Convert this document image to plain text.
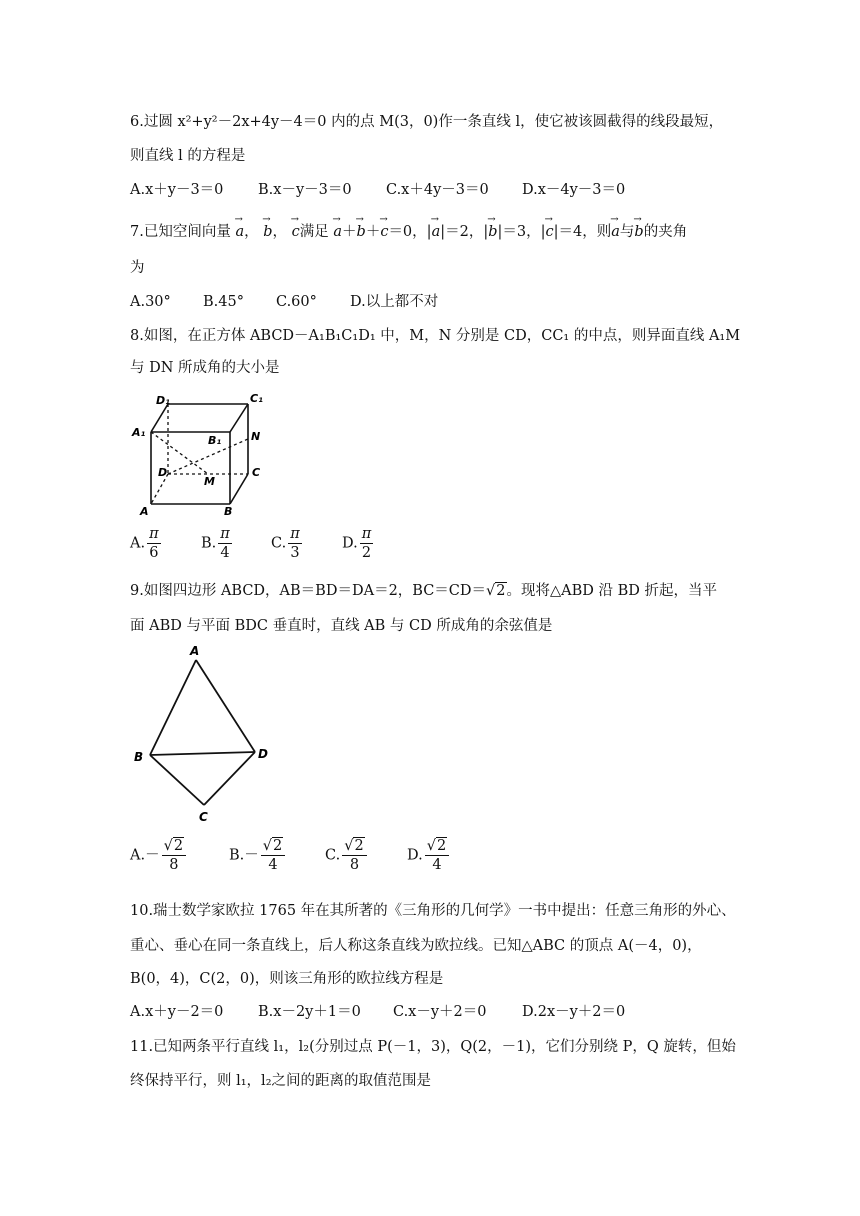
6.过圆 x²+y²－2x+4y－4＝0 内的点 M(3，0)作一条直线 l，使它被该圆截得的线段最短，
则直线 l 的方程是
A.x＋y－3＝0 B.x－y－3＝0 C.x＋4y－3＝0 D.x－4y－3＝0
7.已知空间向量 → a， → b， → c满足 → a＋→ b＋→ c＝0，|→ a|＝2，|→ b|＝3，|→ c|＝4，则→ a与→ b的夹角
为
A.30° B.45° C.60° D.以上都不对
8.如图，在正方体 ABCD－A₁B₁C₁D₁ 中，M，N 分别是 CD，CC₁ 的中点，则异面直线 A₁M
与 DN 所成角的大小是
D₁	C₁
A₁
B₁	N
D
M
C
A	B
A. $\frac{\pi}{6}$	B. $\frac{\pi}{4}$	C. $\frac{\pi}{3}$	D. $\frac{\pi}{2}$
9.如图四边形 ABCD，AB＝BD＝DA＝2，BC＝CD＝√2。现将△ABD 沿 BD 折起，当平
面 ABD 与平面 BDC 垂直时，直线 AB 与 CD 所成角的余弦值是
A
B	D
C
$A.- \frac{√2}{8}$	$B.- \frac{√2}{4}$	C. $\frac{√2}{8}$	D. $\frac{√2}{4}$
10.瑞士数学家欧拉 1765 年在其所著的《三角形的几何学》一书中提出：任意三角形的外心、
重心、垂心在同一条直线上，后人称这条直线为欧拉线。已知△ABC 的顶点 A(－4，0)，
B(0，4)，C(2，0)，则该三角形的欧拉线方程是
A.x＋y－2＝0 B.x－2y＋1＝0 C.x－y＋2＝0 D.2x－y＋2＝0
11.已知两条平行直线 l₁，l₂(分别过点 P(－1，3)，Q(2，－1)，它们分别绕 P，Q 旋转，但始
终保持平行，则 l₁，l₂之间的距离的取值范围是
